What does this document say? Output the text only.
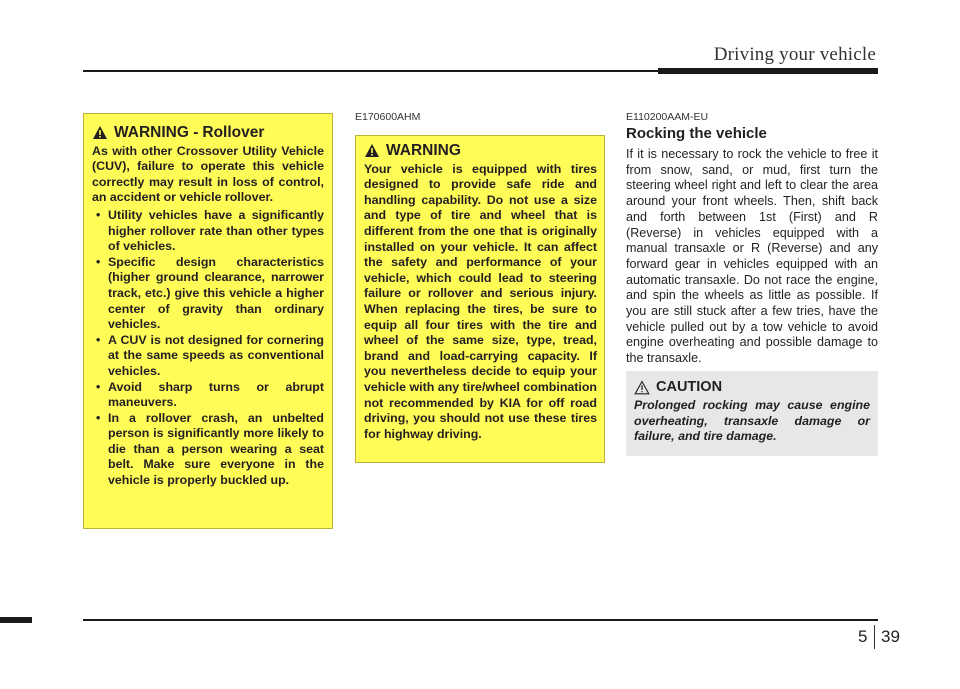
Driving your vehicle
WARNING - Rollover

As with other Crossover Utility Vehicle (CUV), failure to operate this vehicle correctly may result in loss of control, an accident or vehicle rollover.

• Utility vehicles have a significantly higher rollover rate than other types of vehicles.
• Specific design characteristics (higher ground clearance, narrower track, etc.) give this vehicle a higher center of gravity than ordinary vehicles.
• A CUV is not designed for cornering at the same speeds as conventional vehicles.
• Avoid sharp turns or abrupt maneuvers.
• In a rollover crash, an unbelted person is significantly more likely to die than a person wearing a seat belt. Make sure everyone in the vehicle is properly buckled up.
E170600AHM
WARNING

Your vehicle is equipped with tires designed to provide safe ride and handling capability. Do not use a size and type of tire and wheel that is different from the one that is originally installed on your vehicle. It can affect the safety and performance of your vehicle, which could lead to steering failure or rollover and serious injury. When replacing the tires, be sure to equip all four tires with the tire and wheel of the same size, type, tread, brand and load-carrying capacity. If you nevertheless decide to equip your vehicle with any tire/wheel combination not recommended by KIA for off road driving, you should not use these tires for highway driving.

E110200AAM-EU
Rocking the vehicle

If it is necessary to rock the vehicle to free it from snow, sand, or mud, first turn the steering wheel right and left to clear the area around your front wheels. Then, shift back and forth between 1st (First) and R (Reverse) in vehicles equipped with a manual transaxle or R (Reverse) and any forward gear in vehicles equipped with an automatic transaxle. Do not race the engine, and spin the wheels as little as possible. If you are still stuck after a few tries, have the vehicle pulled out by a tow vehicle to avoid engine overheating and possible damage to the transaxle.

CAUTION

Prolonged rocking may cause engine overheating, transaxle damage or failure, and tire damage.

5 39
